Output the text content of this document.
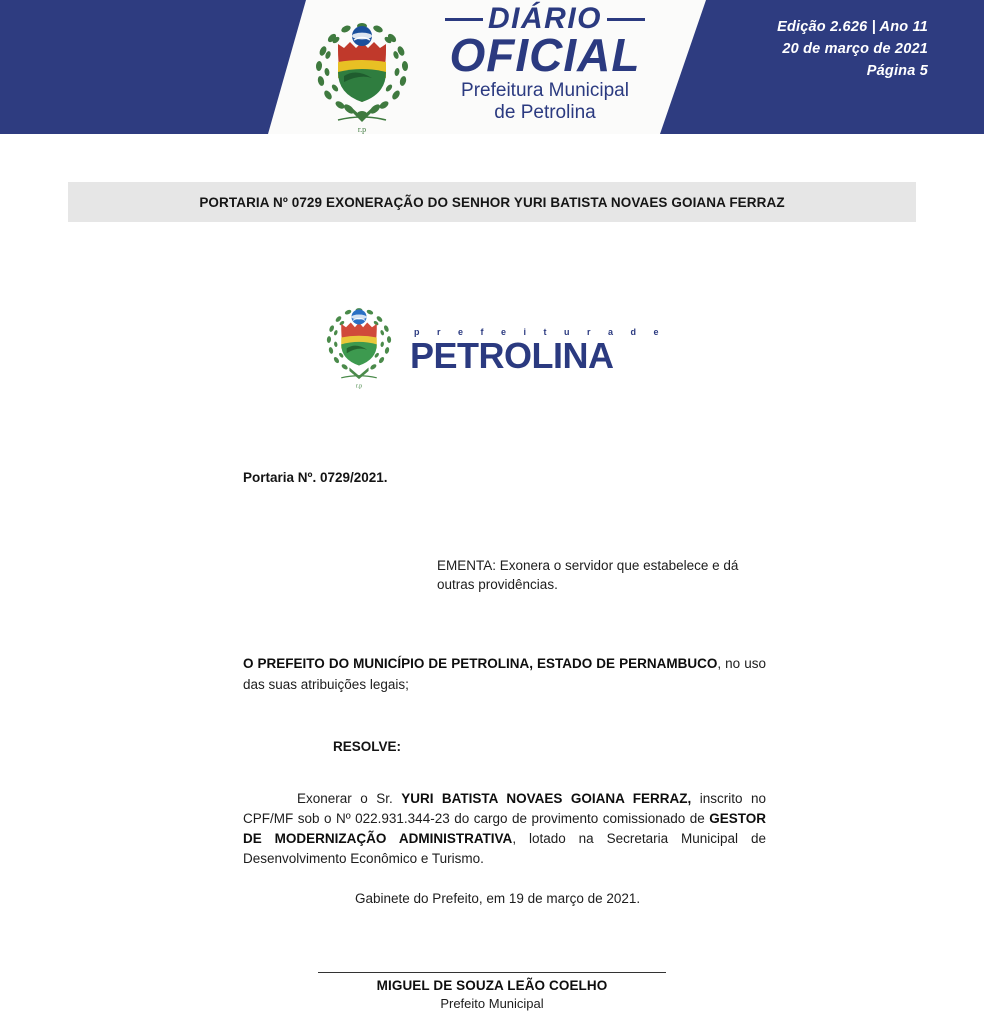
r.p
DIÁRIO
OFICIAL
Prefeitura Municipal
de Petrolina
Edição 2.626 | Ano 11
20 de março de 2021
Página 5
PORTARIA Nº 0729 EXONERAÇÃO DO SENHOR YURI BATISTA NOVAES GOIANA FERRAZ
r.p
p r e f e i t u r a d e
PETROLINA
Portaria Nº. 0729/2021.
EMENTA: Exonera o servidor que estabelece e dá outras providências.
O PREFEITO DO MUNICÍPIO DE PETROLINA, ESTADO DE PERNAMBUCO, no uso das suas atribuições legais;
RESOLVE:
Exonerar o Sr. YURI BATISTA NOVAES GOIANA FERRAZ, inscrito no CPF/MF sob o Nº 022.931.344-23 do cargo de provimento comissionado de GESTOR DE MODERNIZAÇÃO ADMINISTRATIVA, lotado na Secretaria Municipal de Desenvolvimento Econômico e Turismo.
Gabinete do Prefeito, em 19 de março de 2021.
MIGUEL DE SOUZA LEÃO COELHO
Prefeito Municipal
